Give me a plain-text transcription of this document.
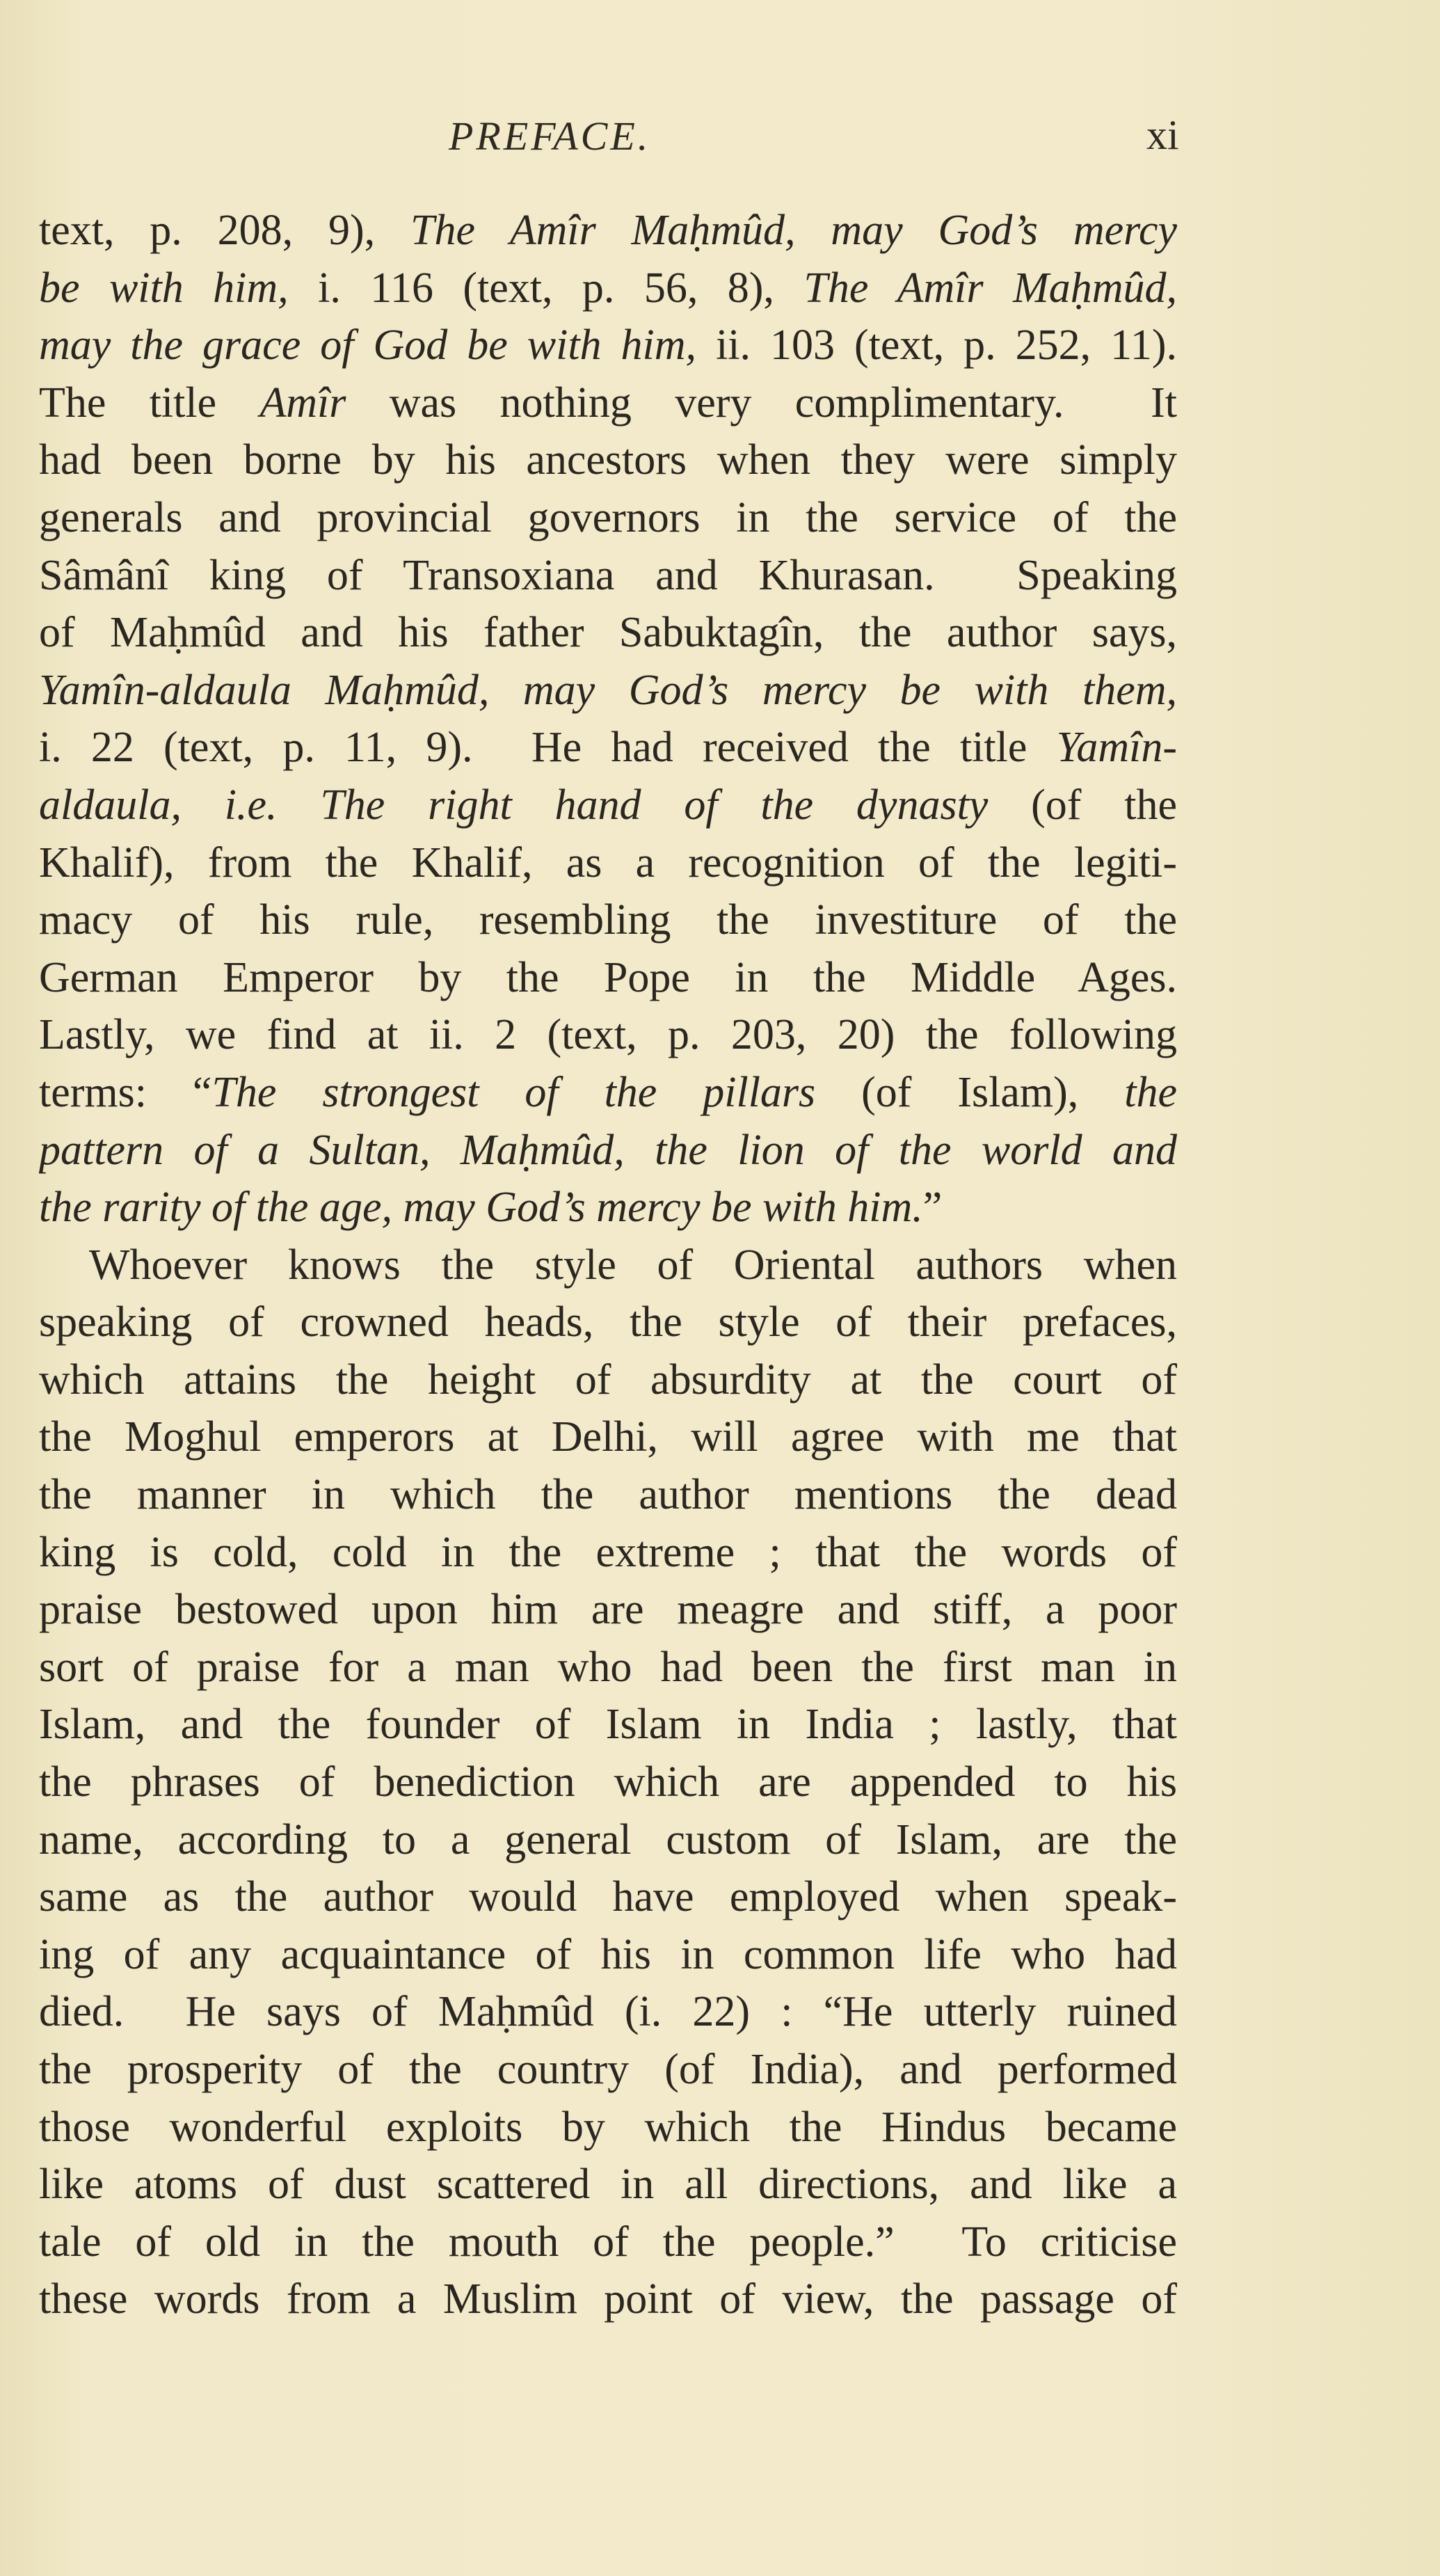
PREFACE.	xi
text, p. 208, 9), The Amîr Maḥmûd, may God’s mercy
be with him, i. 116 (text, p. 56, 8), The Amîr Maḥmûd,
may the grace of God be with him, ii. 103 (text, p. 252, 11).
The title Amîr was nothing very complimentary.  It
had been borne by his ancestors when they were simply
generals and provincial governors in the service of the
Sâmânî king of Transoxiana and Khurasan.  Speaking
of Maḥmûd and his father Sabuktagîn, the author says,
Yamîn-aldaula Maḥmûd, may God’s mercy be with them,
i. 22 (text, p. 11, 9).  He had received the title Yamîn-
aldaula, i.e. The right hand of the dynasty (of the
Khalif), from the Khalif, as a recognition of the legiti-
macy of his rule, resembling the investiture of the
German Emperor by the Pope in the Middle Ages.
Lastly, we find at ii. 2 (text, p. 203, 20) the following
terms: “The strongest of the pillars (of Islam), the
pattern of a Sultan, Maḥmûd, the lion of the world and
the rarity of the age, may God’s mercy be with him.”
Whoever knows the style of Oriental authors when
speaking of crowned heads, the style of their prefaces,
which attains the height of absurdity at the court of
the Moghul emperors at Delhi, will agree with me that
the manner in which the author mentions the dead
king is cold, cold in the extreme ; that the words of
praise bestowed upon him are meagre and stiff, a poor
sort of praise for a man who had been the first man in
Islam, and the founder of Islam in India ; lastly, that
the phrases of benediction which are appended to his
name, according to a general custom of Islam, are the
same as the author would have employed when speak-
ing of any acquaintance of his in common life who had
died.  He says of Maḥmûd (i. 22) : “He utterly ruined
the prosperity of the country (of India), and performed
those wonderful exploits by which the Hindus became
like atoms of dust scattered in all directions, and like a
tale of old in the mouth of the people.”  To criticise
these words from a Muslim point of view, the passage of
